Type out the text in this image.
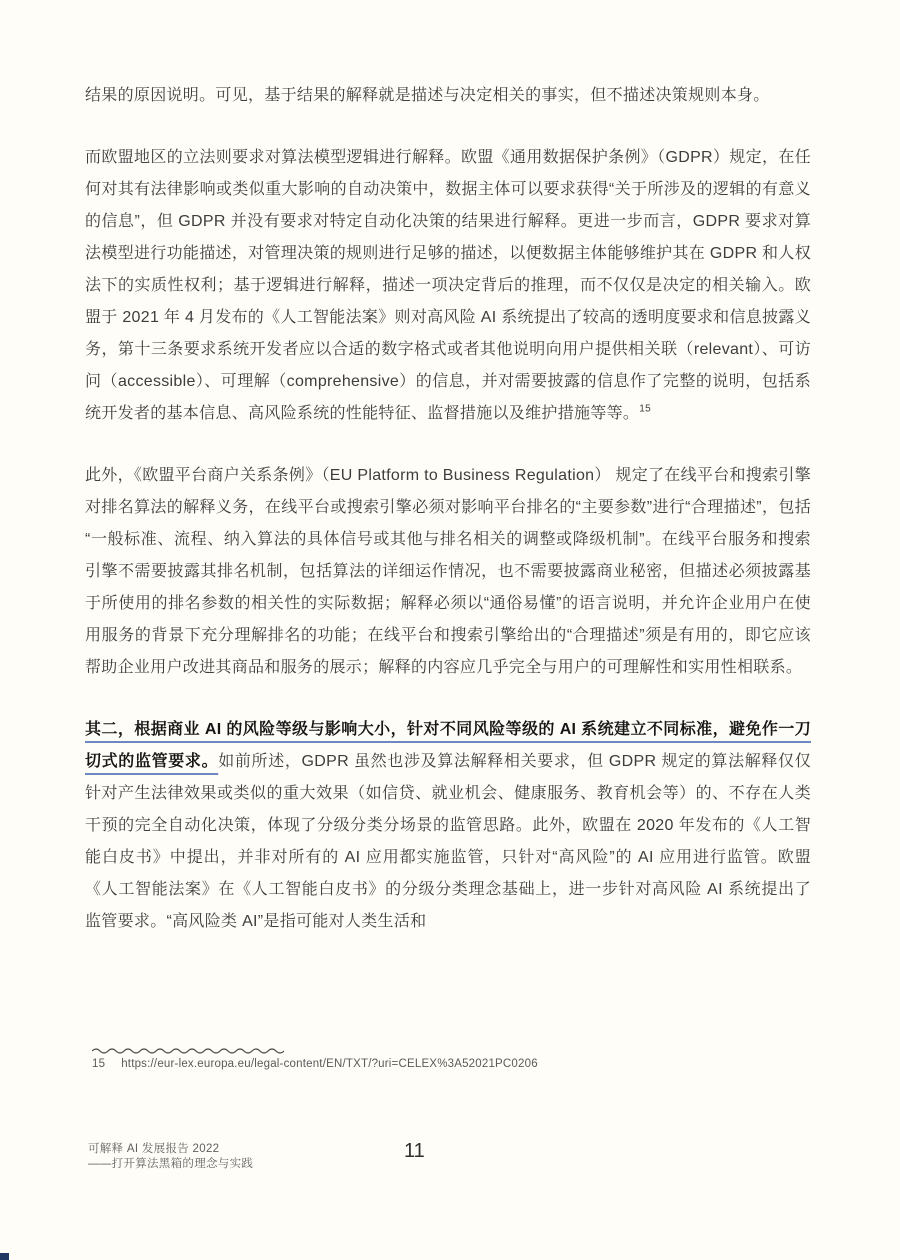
结果的原因说明。可见，基于结果的解释就是描述与决定相关的事实，但不描述决策规则本身。

而欧盟地区的立法则要求对算法模型逻辑进行解释。欧盟《通用数据保护条例》（GDPR）规定，在任何对其有法律影响或类似重大影响的自动决策中，数据主体可以要求获得“关于所涉及的逻辑的有意义的信息”，但 GDPR 并没有要求对特定自动化决策的结果进行解释。更进一步而言，GDPR 要求对算法模型进行功能描述，对管理决策的规则进行足够的描述，以便数据主体能够维护其在 GDPR 和人权法下的实质性权利；基于逻辑进行解释，描述一项决定背后的推理，而不仅仅是决定的相关输入。欧盟于 2021 年 4 月发布的《人工智能法案》则对高风险 AI 系统提出了较高的透明度要求和信息披露义务，第十三条要求系统开发者应以合适的数字格式或者其他说明向用户提供相关联（relevant）、可访问（accessible）、可理解（comprehensive）的信息，并对需要披露的信息作了完整的说明，包括系统开发者的基本信息、高风险系统的性能特征、监督措施以及维护措施等等。$^{15}$

此外，《欧盟平台商户关系条例》（EU Platform to Business Regulation） 规定了在线平台和搜索引擎对排名算法的解释义务，在线平台或搜索引擎必须对影响平台排名的“主要参数”进行“合理描述”，包括“一般标准、流程、纳入算法的具体信号或其他与排名相关的调整或降级机制”。在线平台服务和搜索引擎不需要披露其排名机制，包括算法的详细运作情况，也不需要披露商业秘密，但描述必须披露基于所使用的排名参数的相关性的实际数据；解释必须以“通俗易懂”的语言说明，并允许企业用户在使用服务的背景下充分理解排名的功能；在线平台和搜索引擎给出的“合理描述”须是有用的，即它应该帮助企业用户改进其商品和服务的展示；解释的内容应几乎完全与用户的可理解性和实用性相联系。

其二，根据商业 AI 的风险等级与影响大小，针对不同风险等级的 AI 系统建立不同标准，避免作一刀切式的监管要求。如前所述，GDPR 虽然也涉及算法解释相关要求，但 GDPR 规定的算法解释仅仅针对产生法律效果或类似的重大效果（如信贷、就业机会、健康服务、教育机会等）的、不存在人类干预的完全自动化决策，体现了分级分类分场景的监管思路。此外，欧盟在 2020 年发布的《人工智能白皮书》中提出，并非对所有的 AI 应用都实施监管，只针对“高风险”的 AI 应用进行监管。欧盟《人工智能法案》在《人工智能白皮书》的分级分类理念基础上，进一步针对高风险 AI 系统提出了监管要求。“高风险类 AI”是指可能对人类生活和

15 https://eur-lex.europa.eu/legal-content/EN/TXT/?uri=CELEX%3A52021PC0206
可解释 AI 发展报告 2022
——打开算法黑箱的理念与实践
11
